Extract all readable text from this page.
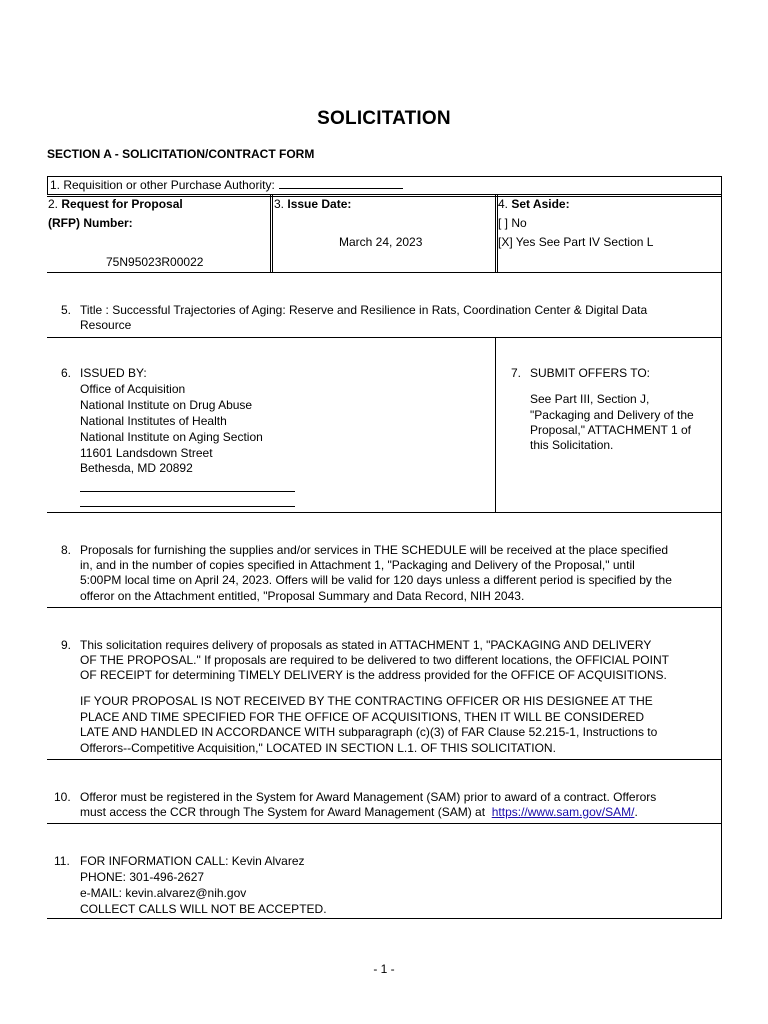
SOLICITATION
SECTION A - SOLICITATION/CONTRACT FORM
1. Requisition or other Purchase Authority:
2. Request for Proposal
(RFP) Number:
75N95023R00022
3. Issue Date:
March 24, 2023
4. Set Aside:
[ ] No
[X] Yes See Part IV Section L
5. Title : Successful Trajectories of Aging: Reserve and Resilience in Rats, Coordination Center & Digital Data
Resource
6. ISSUED BY:
Office of Acquisition
National Institute on Drug Abuse
National Institutes of Health
National Institute on Aging Section
11601 Landsdown Street
Bethesda, MD 20892
7. SUBMIT OFFERS TO:
See Part III, Section J,
"Packaging and Delivery of the
Proposal," ATTACHMENT 1 of
this Solicitation.
8. Proposals for furnishing the supplies and/or services in THE SCHEDULE will be received at the place specified
in, and in the number of copies specified in Attachment 1, "Packaging and Delivery of the Proposal," until
5:00PM local time on April 24, 2023. Offers will be valid for 120 days unless a different period is specified by the
offeror on the Attachment entitled, "Proposal Summary and Data Record, NIH 2043.
9. This solicitation requires delivery of proposals as stated in ATTACHMENT 1, "PACKAGING AND DELIVERY
OF THE PROPOSAL." If proposals are required to be delivered to two different locations, the OFFICIAL POINT
OF RECEIPT for determining TIMELY DELIVERY is the address provided for the OFFICE OF ACQUISITIONS.
IF YOUR PROPOSAL IS NOT RECEIVED BY THE CONTRACTING OFFICER OR HIS DESIGNEE AT THE
PLACE AND TIME SPECIFIED FOR THE OFFICE OF ACQUISITIONS, THEN IT WILL BE CONSIDERED
LATE AND HANDLED IN ACCORDANCE WITH subparagraph (c)(3) of FAR Clause 52.215-1, Instructions to
Offerors--Competitive Acquisition," LOCATED IN SECTION L.1. OF THIS SOLICITATION.
10. Offeror must be registered in the System for Award Management (SAM) prior to award of a contract. Offerors
must access the CCR through The System for Award Management (SAM) at https://www.sam.gov/SAM/.
11. FOR INFORMATION CALL: Kevin Alvarez
PHONE: 301-496-2627
e-MAIL: kevin.alvarez@nih.gov
COLLECT CALLS WILL NOT BE ACCEPTED.
- 1 -
